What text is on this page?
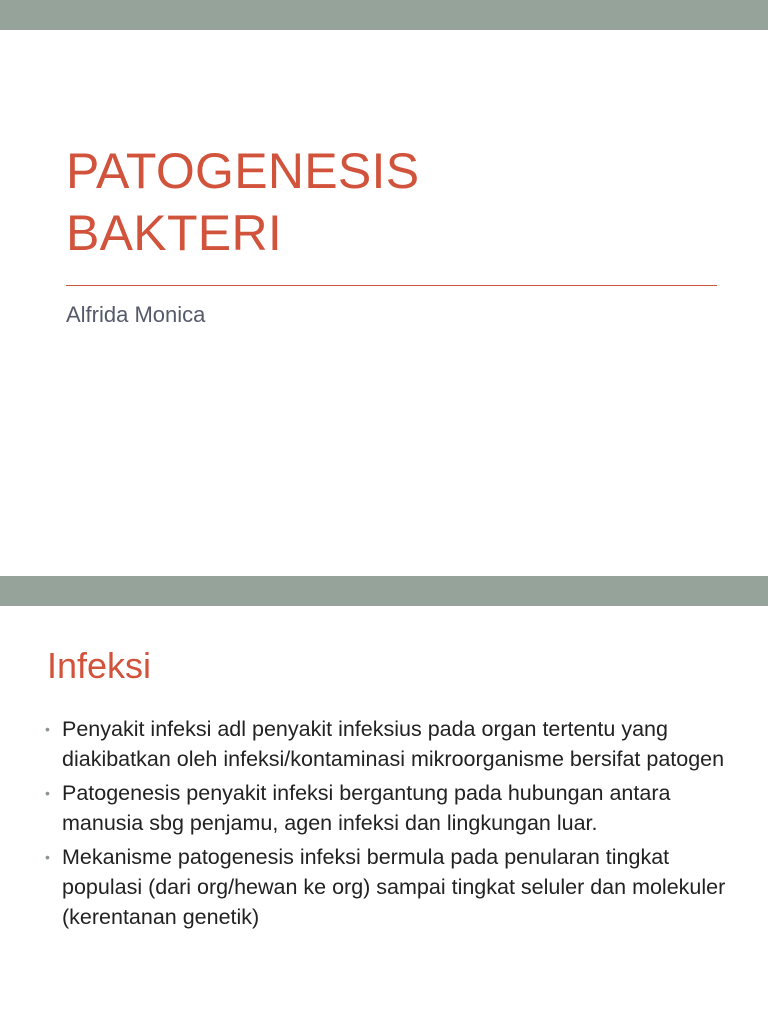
PATOGENESIS
BAKTERI

Alfrida Monica

Infeksi
• Penyakit infeksi adl penyakit infeksius pada organ tertentu yang diakibatkan oleh infeksi/kontaminasi mikroorganisme bersifat patogen
• Patogenesis penyakit infeksi bergantung pada hubungan antara manusia sbg penjamu, agen infeksi dan lingkungan luar.
• Mekanisme patogenesis infeksi bermula pada penularan tingkat populasi (dari org/hewan ke org) sampai tingkat seluler dan molekuler (kerentanan genetik)
